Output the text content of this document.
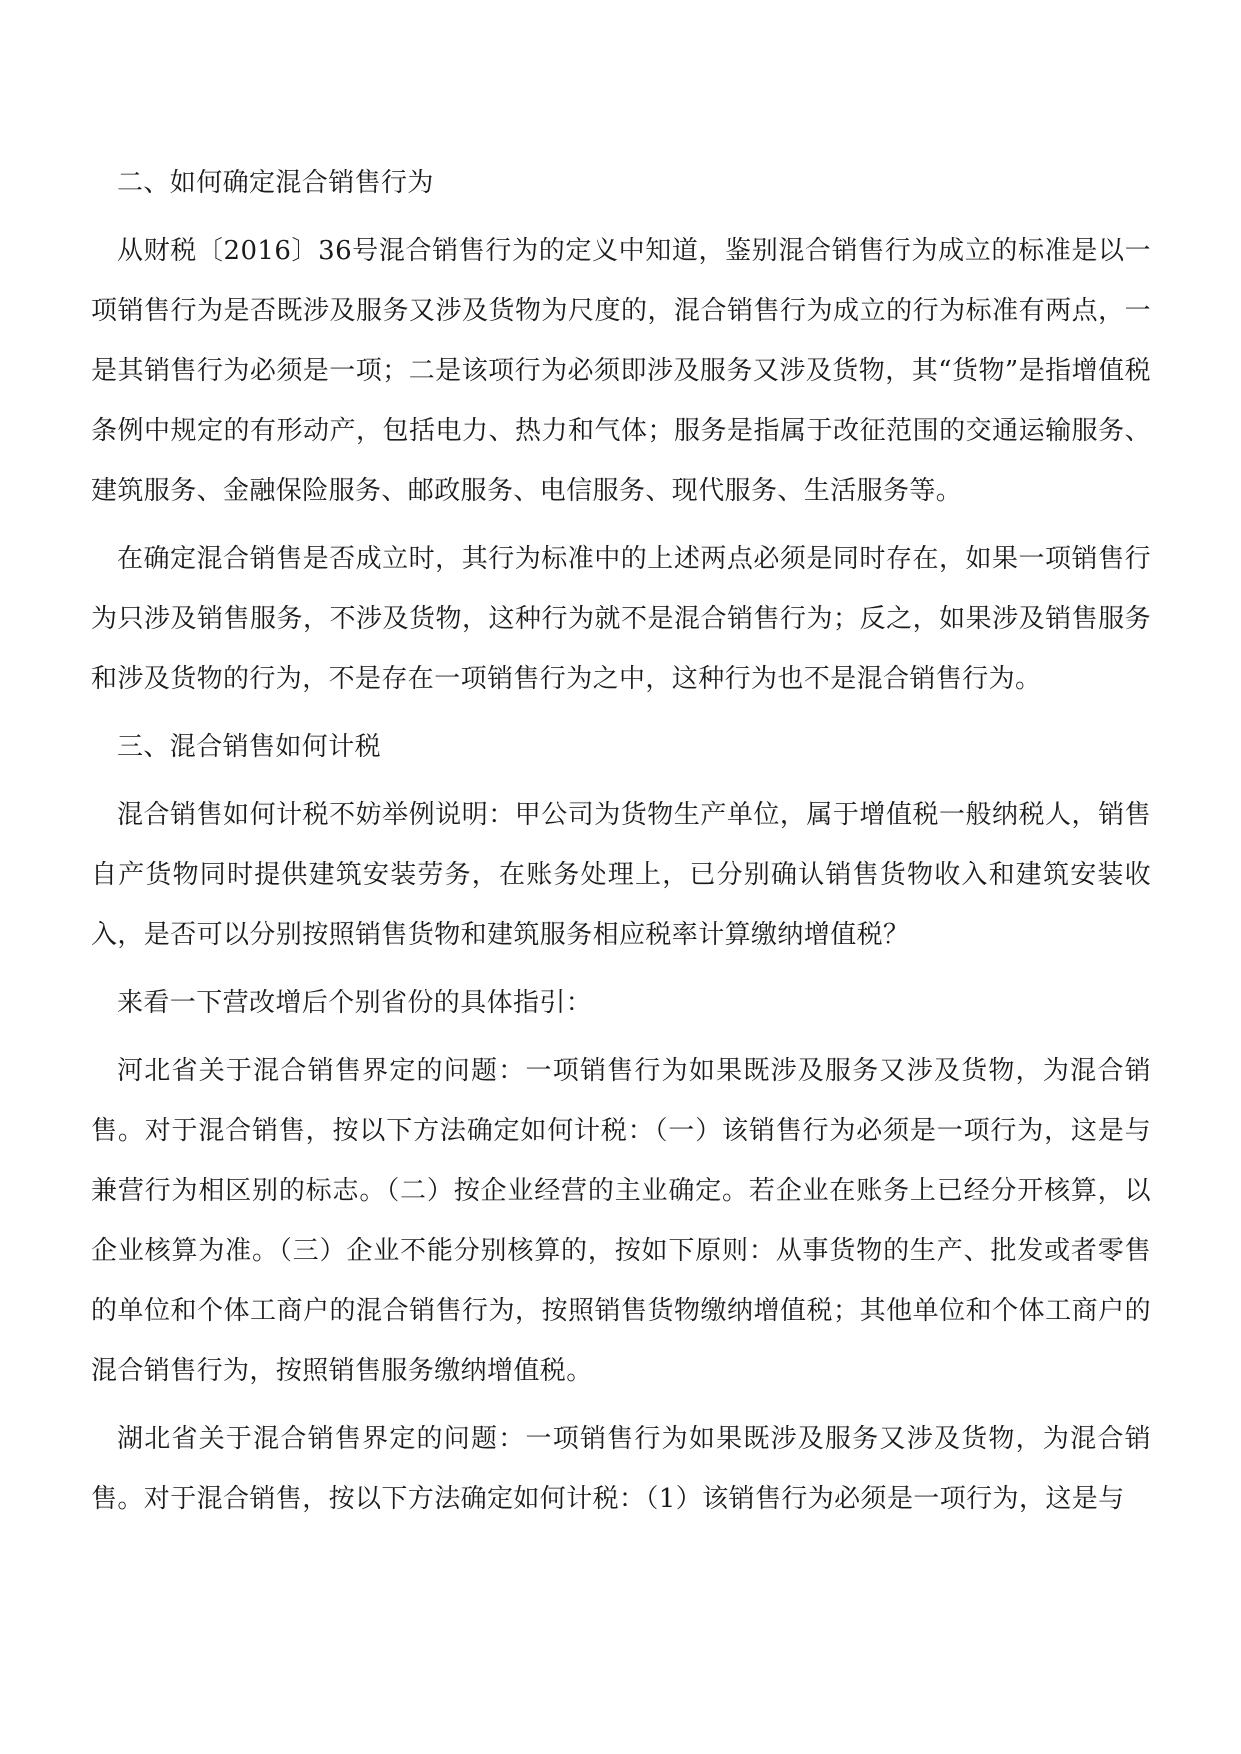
二、如何确定混合销售行为

从财税〔2016〕36号混合销售行为的定义中知道，鉴别混合销售行为成立的标准是以一项销售行为是否既涉及服务又涉及货物为尺度的，混合销售行为成立的行为标准有两点，一是其销售行为必须是一项；二是该项行为必须即涉及服务又涉及货物，其“货物”是指增值税条例中规定的有形动产，包括电力、热力和气体；服务是指属于改征范围的交通运输服务、建筑服务、金融保险服务、邮政服务、电信服务、现代服务、生活服务等。

在确定混合销售是否成立时，其行为标准中的上述两点必须是同时存在，如果一项销售行为只涉及销售服务，不涉及货物，这种行为就不是混合销售行为；反之，如果涉及销售服务和涉及货物的行为，不是存在一项销售行为之中，这种行为也不是混合销售行为。

三、混合销售如何计税

混合销售如何计税不妨举例说明：甲公司为货物生产单位，属于增值税一般纳税人，销售自产货物同时提供建筑安装劳务，在账务处理上，已分别确认销售货物收入和建筑安装收入，是否可以分别按照销售货物和建筑服务相应税率计算缴纳增值税？

来看一下营改增后个别省份的具体指引：

河北省关于混合销售界定的问题：一项销售行为如果既涉及服务又涉及货物，为混合销售。对于混合销售，按以下方法确定如何计税：（一）该销售行为必须是一项行为，这是与兼营行为相区别的标志。（二）按企业经营的主业确定。若企业在账务上已经分开核算，以企业核算为准。（三）企业不能分别核算的，按如下原则：从事货物的生产、批发或者零售的单位和个体工商户的混合销售行为，按照销售货物缴纳增值税；其他单位和个体工商户的混合销售行为，按照销售服务缴纳增值税。

湖北省关于混合销售界定的问题：一项销售行为如果既涉及服务又涉及货物，为混合销售。对于混合销售，按以下方法确定如何计税：（1）该销售行为必须是一项行为，这是与
